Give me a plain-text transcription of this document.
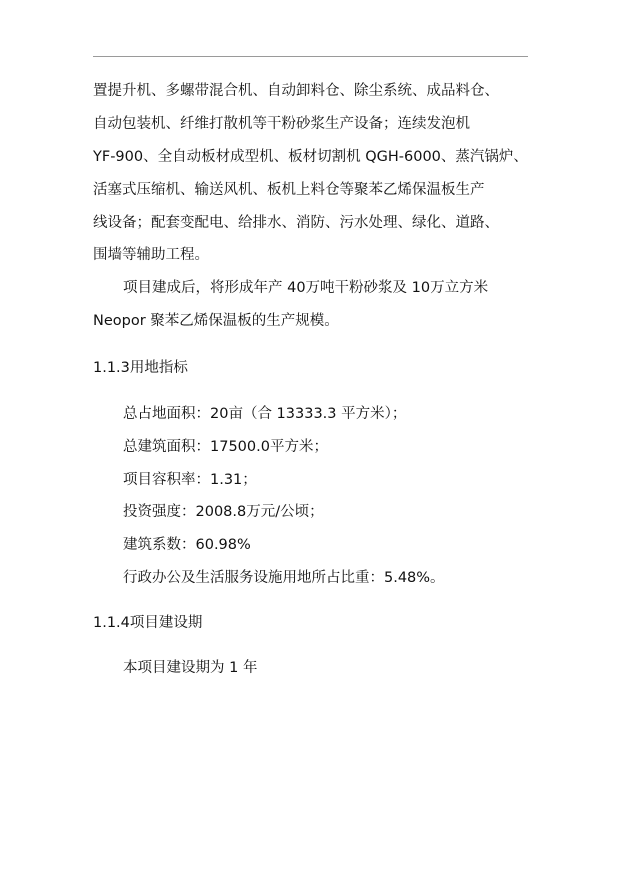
置提升机、多螺带混合机、自动卸料仓、除尘系统、成品料仓、
自动包装机、纤维打散机等干粉砂浆生产设备；连续发泡机
YF-900、全自动板材成型机、板材切割机 QGH-6000、蒸汽锅炉、
活塞式压缩机、输送风机、板机上料仓等聚苯乙烯保温板生产
线设备；配套变配电、给排水、消防、污水处理、绿化、道路、
围墙等辅助工程。
项目建成后，将形成年产 40万吨干粉砂浆及 10万立方米
Neopor 聚苯乙烯保温板的生产规模。
1.1.3用地指标
总占地面积：20亩（合 13333.3 平方米）；
总建筑面积：17500.0平方米；
项目容积率：1.31；
投资强度：2008.8万元/公顷；
建筑系数：60.98%
行政办公及生活服务设施用地所占比重：5.48%。
1.1.4项目建设期
本项目建设期为 1 年
